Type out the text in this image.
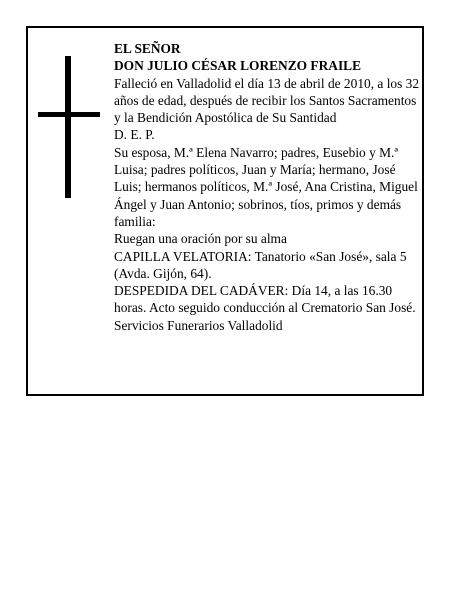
EL SEÑOR

DON JULIO CÉSAR LORENZO FRAILE

Falleció en Valladolid el día 13 de abril de 2010, a los 32 años de edad, después de recibir los Santos Sacramentos y la Bendición Apostólica de Su Santidad

D. E. P.

Su esposa, M.ª Elena Navarro; padres, Eusebio y M.ª Luisa; padres políticos, Juan y María; hermano, José Luis; hermanos políticos, M.ª José, Ana Cristina, Miguel Ángel y Juan Antonio; sobrinos, tíos, primos y demás familia:

Ruegan una oración por su alma

CAPILLA VELATORIA: Tanatorio «San José», sala 5 (Avda. Gijón, 64).

DESPEDIDA DEL CADÁVER: Día 14, a las 16.30 horas. Acto seguido conducción al Crematorio San José.

Servicios Funerarios Valladolid
